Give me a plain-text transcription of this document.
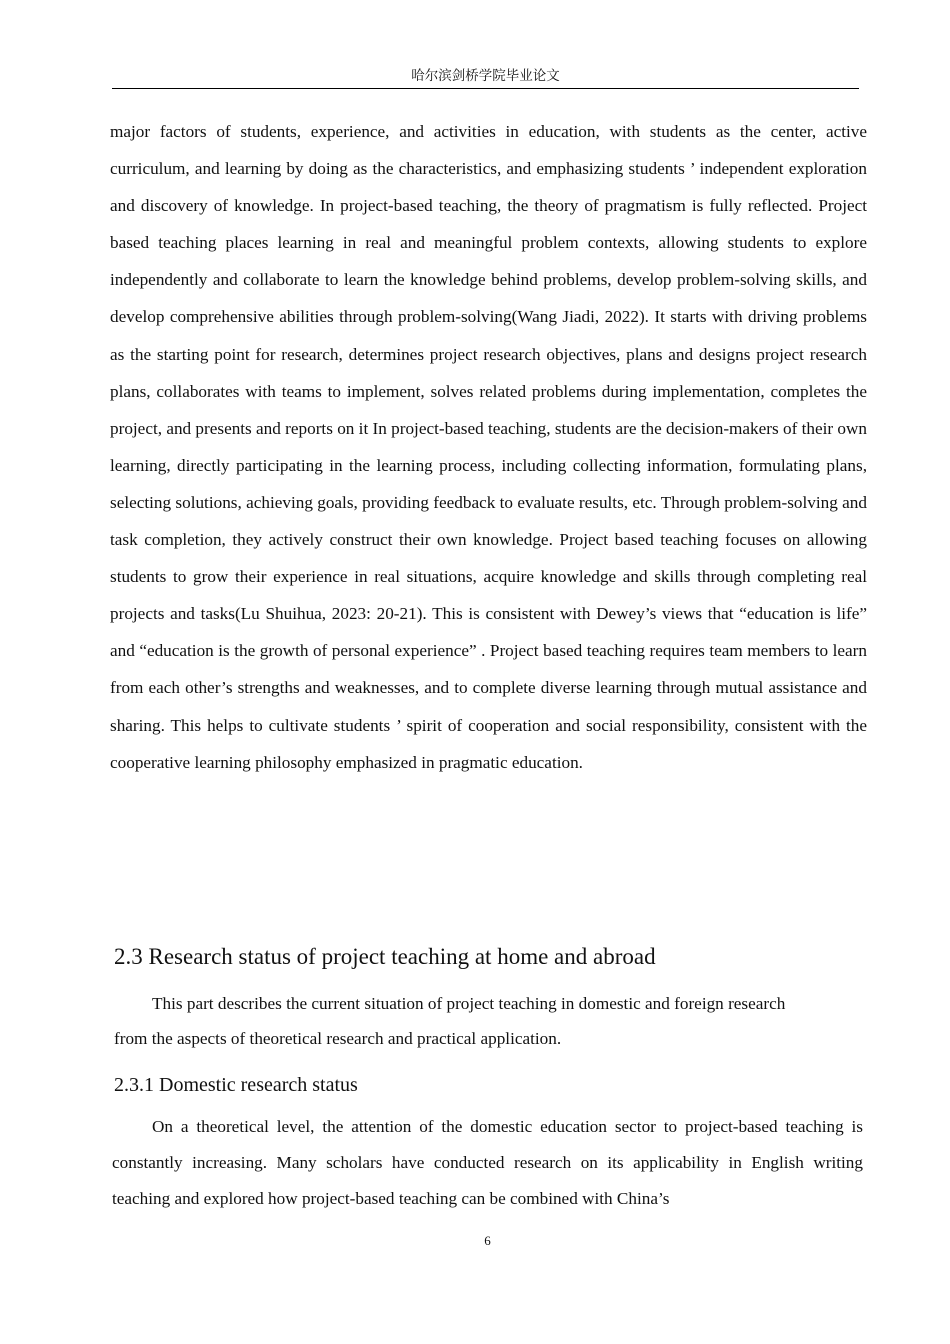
哈尔滨剑桥学院毕业论文

major factors of students, experience, and activities in education, with students as the center, active curriculum, and learning by doing as the characteristics, and emphasizing students ’ independent exploration and discovery of knowledge. In project-based teaching, the theory of pragmatism is fully reflected. Project based teaching places learning in real and meaningful problem contexts, allowing students to explore independently and collaborate to learn the knowledge behind problems, develop problem-solving skills, and develop comprehensive abilities through problem-solving(Wang Jiadi, 2022). It starts with driving problems as the starting point for research, determines project research objectives, plans and designs project research plans, collaborates with teams to implement, solves related problems during implementation, completes the project, and presents and reports on it In project-based teaching, students are the decision-makers of their own learning, directly participating in the learning process, including collecting information, formulating plans, selecting solutions, achieving goals, providing feedback to evaluate results, etc. Through problem-solving and task completion, they actively construct their own knowledge. Project based teaching focuses on allowing students to grow their experience in real situations, acquire knowledge and skills through completing real projects and tasks(Lu Shuihua, 2023: 20-21). This is consistent with Dewey’s views that “education is life” and “education is the growth of personal experience” . Project based teaching requires team members to learn from each other’s strengths and weaknesses, and to complete diverse learning through mutual assistance and sharing. This helps to cultivate students ’ spirit of cooperation and social responsibility, consistent with the cooperative learning philosophy emphasized in pragmatic education.

2.3 Research status of project teaching at home and abroad

This part describes the current situation of project teaching in domestic and foreign research from the aspects of theoretical research and practical application.

2.3.1 Domestic research status

On a theoretical level, the attention of the domestic education sector to project-based teaching is constantly increasing. Many scholars have conducted research on its applicability in English writing teaching and explored how project-based teaching can be combined with China’s

6
